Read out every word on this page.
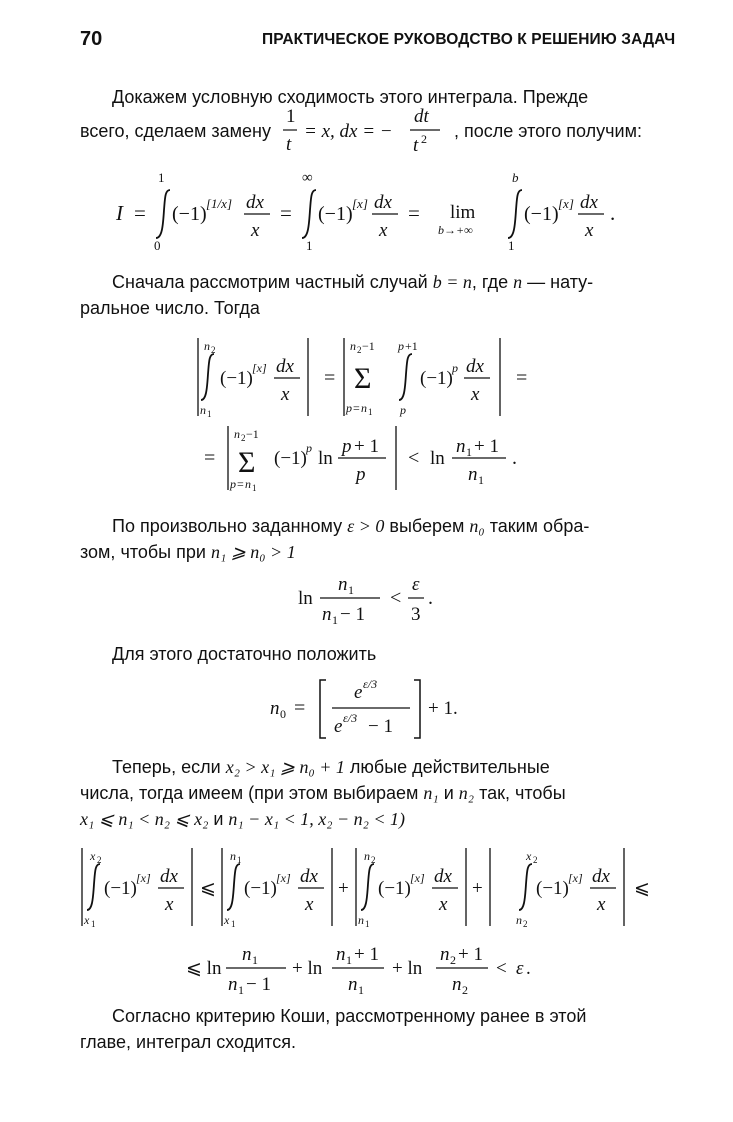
70	ПРАКТИЧЕСКОЕ РУКОВОДСТВО К РЕШЕНИЮ ЗАДАЧ
Докажем условную сходимость этого интеграла. Прежде
всего, сделаем замену
1
t
= x, dx = −
dt
t 2 , после этого получим:
I =
1
0
(−1) [1/x] dx
x
=
∞
1
(−1) [x] dx
x
= lim
b→+∞
b
1
(−1) [x] dx
x
.
Сначала рассмотрим частный случай b = n, где n — нату-
ральное число. Тогда
n 2
n 1
(−1) [x] dx
x
=
n 2 −1
Σ
p = n 1
p +1
p
(−1) p dx
x
=
=
n 2 −1
Σ
p = n 1
(−1) p ln
p + 1
p
< ln
n 1 + 1
n 1
.
По произвольно заданному ε > 0 выберем n₀ таким обра-
зом, чтобы при n₁ ⩾ n₀ > 1
ln
n 1
n 1 − 1
<
ε
3
.
Для этого достаточно положить
n 0 =
e ε/3
e ε/3 − 1
+ 1.
Теперь, если x₂ > x₁ ⩾ n₀ + 1 любые действительные
числа, тогда имеем (при этом выбираем n₁ и n₂ так, чтобы
x₁ ⩽ n₁ < n₂ ⩽ x₂ и n₁ − x₁ < 1, x₂ − n₂ < 1)
x 2
x 1
(−1) [x] dx
x
⩽
n 1
x 1
(−1) [x] dx
x
+
n 2
n 1
(−1) [x] dx
x
+
x 2
n 2
(−1) [x] dx
x
⩽
⩽ ln
n 1
n 1 − 1
+ ln
n 1 + 1
n 1
+ ln
n 2 + 1
n 2
< ε .
Согласно критерию Коши, рассмотренному ранее в этой
главе, интеграл сходится.
